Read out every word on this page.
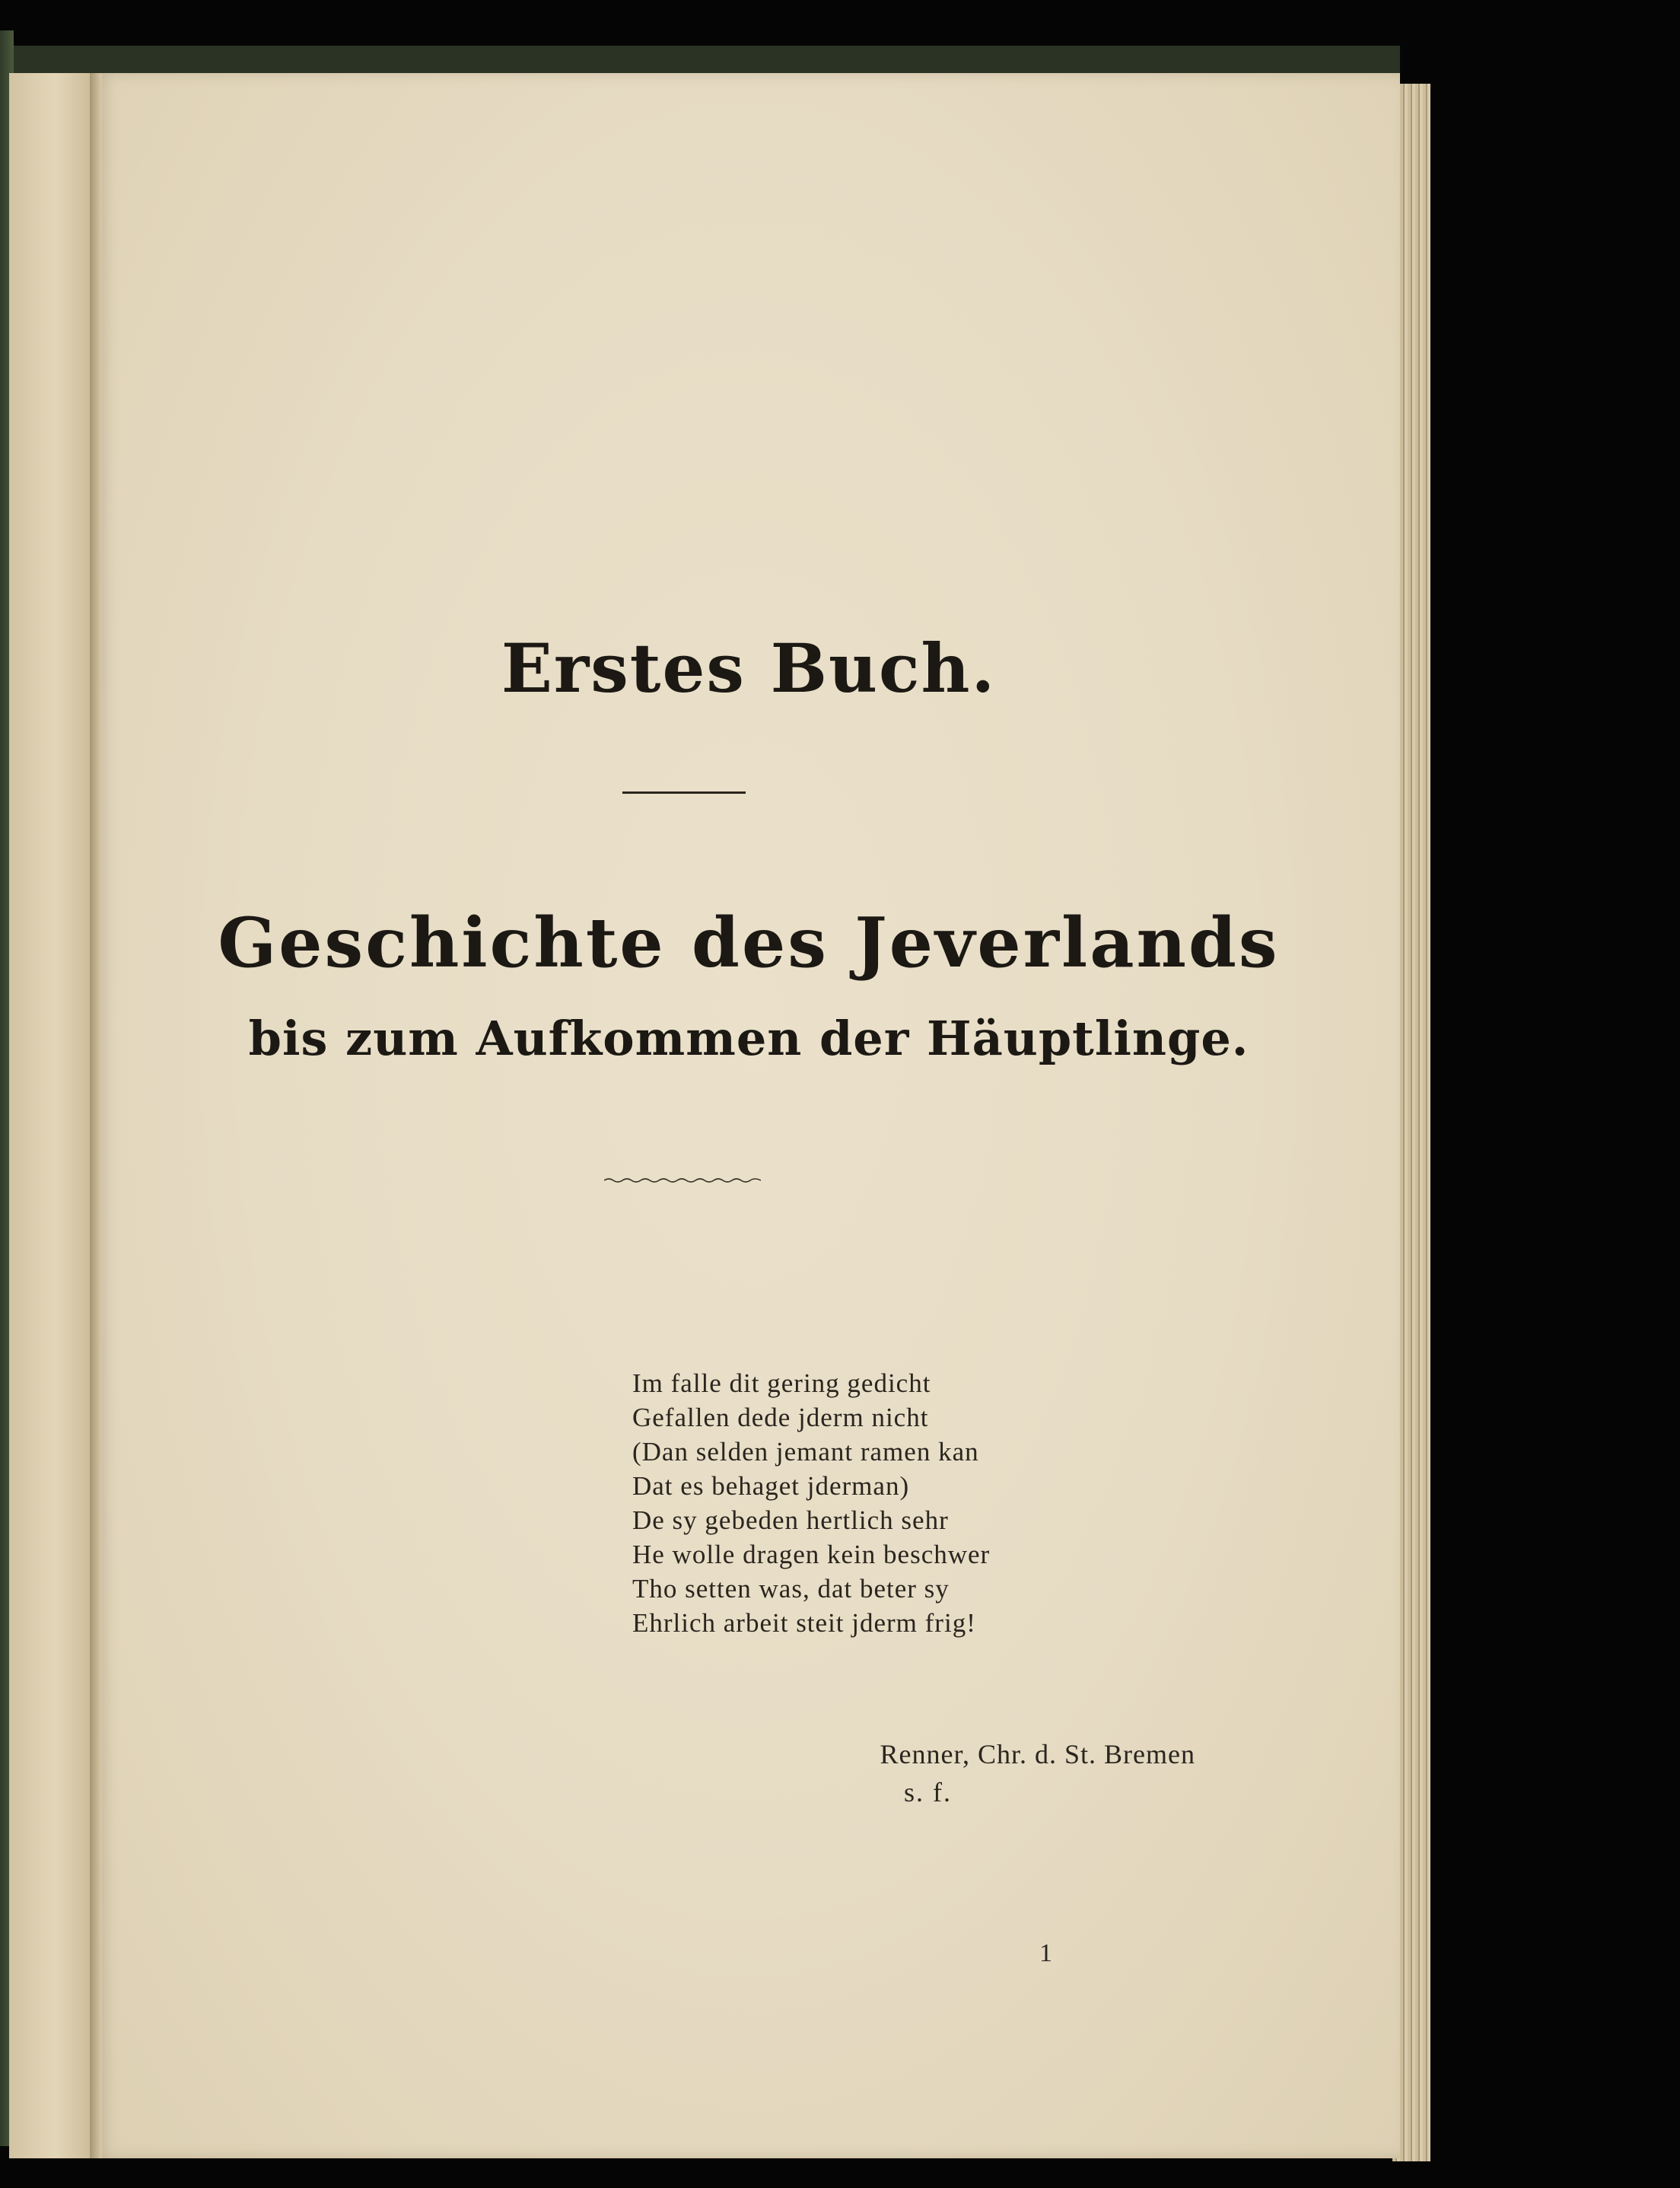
Erstes Buch.
Geschichte des Jeverlands
bis zum Aufkommen der Häuptlinge.
Im falle dit gering gedicht
Gefallen dede jderm nicht
(Dan selden jemant ramen kan
Dat es behaget jderman)
De sy gebeden hertlich sehr
He wolle dragen kein beschwer
Tho setten was, dat beter sy
Ehrlich arbeit steit jderm frig!
Renner, Chr. d. St. Bremen
s. f.
1
